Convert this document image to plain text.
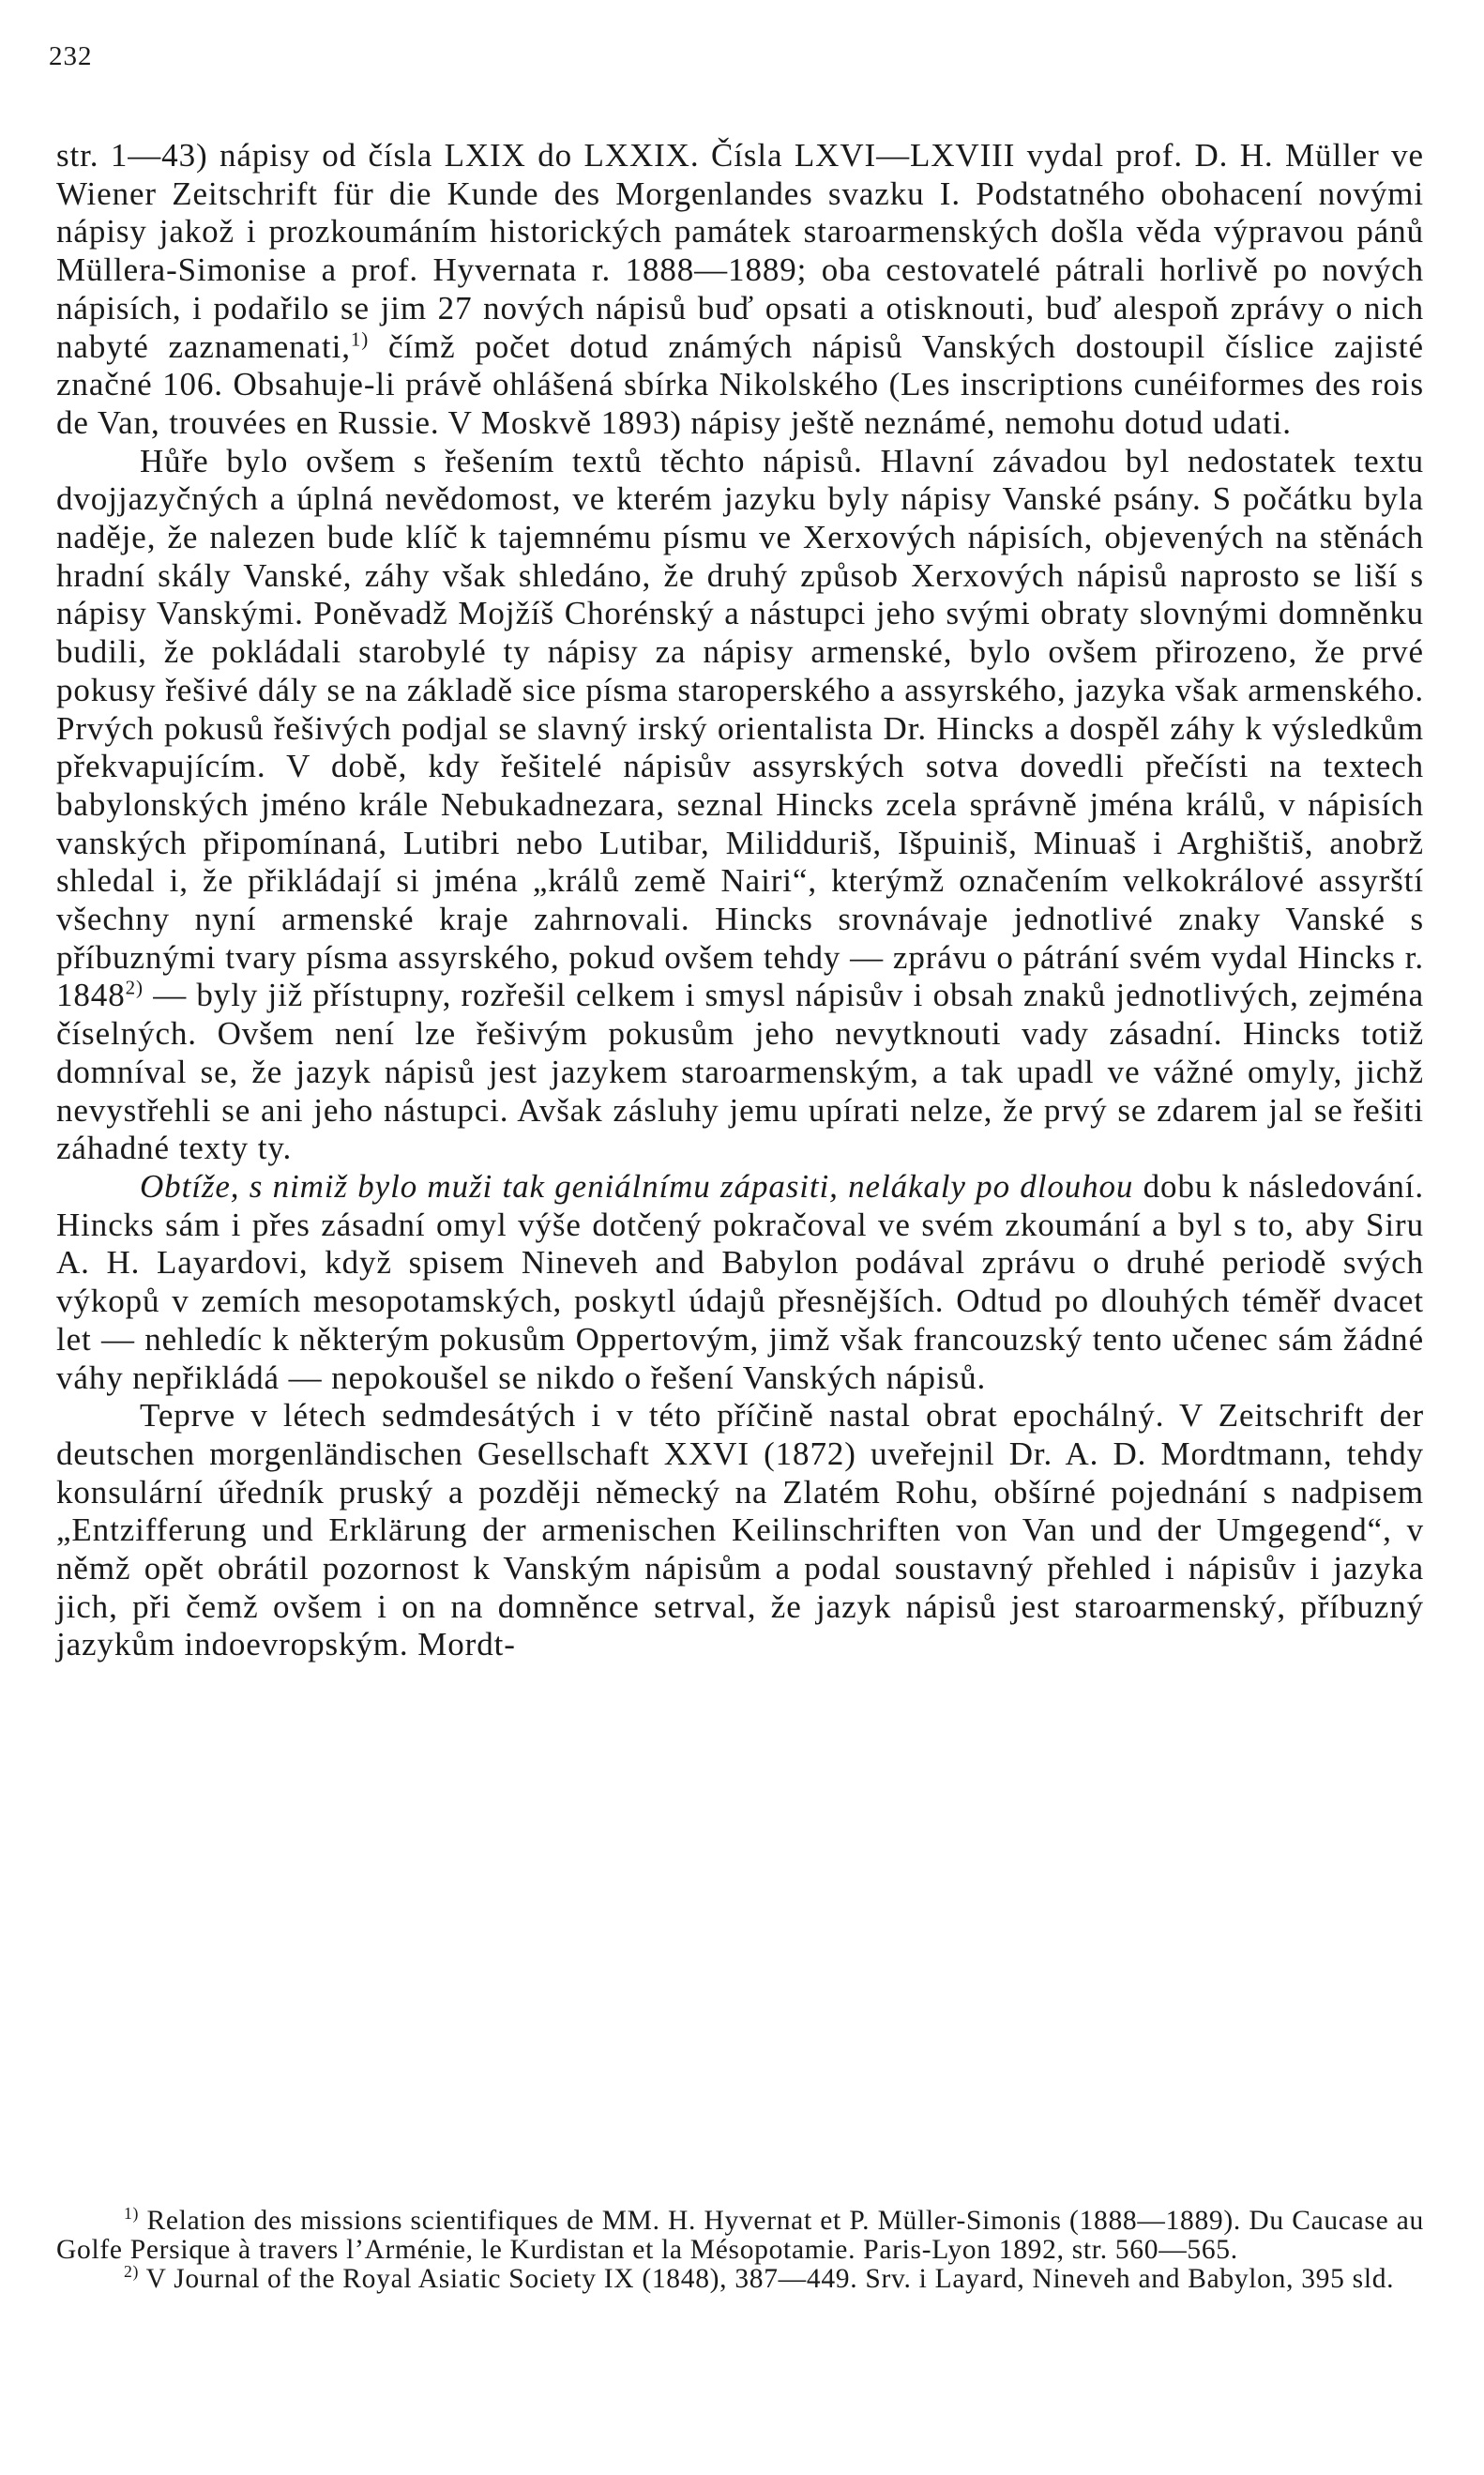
232

str. 1—43) nápisy od čísla LXIX do LXXIX. Čísla LXVI—LXVIII vydal prof. D. H. Müller ve Wiener Zeitschrift für die Kunde des Morgenlandes svazku I. Podstatného obohacení novými nápisy jakož i prozkoumáním historických památek staroarmenských došla věda výpravou pánů Müllera-Simonise a prof. Hyvernata r. 1888—1889; oba cestovatelé pátrali horlivě po nových nápisích, i podařilo se jim 27 nových nápisů buď opsati a otisknouti, buď alespoň zprávy o nich nabyté zaznamenati,$^{1)}$ čímž počet dotud známých nápisů Vanských dostoupil číslice zajisté značné 106. Obsahuje-li právě ohlášená sbírka Nikolského (Les inscriptions cunéiformes des rois de Van, trouvées en Russie. V Moskvě 1893) nápisy ještě neznámé, nemohu dotud udati.

Hůře bylo ovšem s řešením textů těchto nápisů. Hlavní závadou byl nedostatek textu dvojjazyčných a úplná nevědomost, ve kterém jazyku byly nápisy Vanské psány. S počátku byla naděje, že nalezen bude klíč k tajemnému písmu ve Xerxových nápisích, objevených na stěnách hradní skály Vanské, záhy však shledáno, že druhý způsob Xerxových nápisů naprosto se liší s nápisy Vanskými. Poněvadž Mojžíš Chorénský a nástupci jeho svými obraty slovnými domněnku budili, že pokládali starobylé ty nápisy za nápisy armenské, bylo ovšem přirozeno, že prvé pokusy řešivé dály se na základě sice písma staroperského a assyrského, jazyka však armenského. Prvých pokusů řešivých podjal se slavný irský orientalista Dr. Hincks a dospěl záhy k výsledkům překvapujícím. V době, kdy řešitelé nápisův assyrských sotva dovedli přečísti na textech babylonských jméno krále Nebukadnezara, seznal Hincks zcela správně jména králů, v nápisích vanských připomínaná, Lutibri nebo Lutibar, Milidduriš, Išpuiniš, Minuaš i Arghištiš, anobrž shledal i, že přikládají si jména „králů země Nairi“, kterýmž označením velkokrálové assyrští všechny nyní armenské kraje zahrnovali. Hincks srovnávaje jednotlivé znaky Vanské s příbuznými tvary písma assyrského, pokud ovšem tehdy — zprávu o pátrání svém vydal Hincks r. 1848$^{2)}$ — byly již přístupny, rozřešil celkem i smysl nápisův i obsah znaků jednotlivých, zejména číselných. Ovšem není lze řešivým pokusům jeho nevytknouti vady zásadní. Hincks totiž domníval se, že jazyk nápisů jest jazykem staroarmenským, a tak upadl ve vážné omyly, jichž nevystřehli se ani jeho nástupci. Avšak zásluhy jemu upírati nelze, že prvý se zdarem jal se řešiti záhadné texty ty.

Obtíže, s nimiž bylo muži tak geniálnímu zápasiti, nelákaly po dlouhou dobu k následování. Hincks sám i přes zásadní omyl výše dotčený pokračoval ve svém zkoumání a byl s to, aby Siru A. H. Layardovi, když spisem Nineveh and Babylon podával zprávu o druhé periodě svých výkopů v zemích mesopotamských, poskytl údajů přesnějších. Odtud po dlouhých téměř dvacet let — nehledíc k některým pokusům Oppertovým, jimž však francouzský tento učenec sám žádné váhy nepřikládá — nepokoušel se nikdo o řešení Vanských nápisů.

Teprve v létech sedmdesátých i v této příčině nastal obrat epochálný. V Zeitschrift der deutschen morgenländischen Gesellschaft XXVI (1872) uveřejnil Dr. A. D. Mordtmann, tehdy konsulární úředník pruský a později německý na Zlatém Rohu, obšírné pojednání s nadpisem „Entzifferung und Erklärung der armenischen Keilinschriften von Van und der Umgegend“, v němž opět obrátil pozornost k Vanským nápisům a podal soustavný přehled i nápisův i jazyka jich, při čemž ovšem i on na domněnce setrval, že jazyk nápisů jest staroarmenský, příbuzný jazykům indoevropským. Mordt-

$^{1)}$ Relation des missions scientifiques de MM. H. Hyvernat et P. Müller-Simonis (1888—1889). Du Caucase au Golfe Persique à travers l’Arménie, le Kurdistan et la Mésopotamie. Paris-Lyon 1892, str. 560—565.

$^{2)}$ V Journal of the Royal Asiatic Society IX (1848), 387—449. Srv. i Layard, Nineveh and Babylon, 395 sld.
